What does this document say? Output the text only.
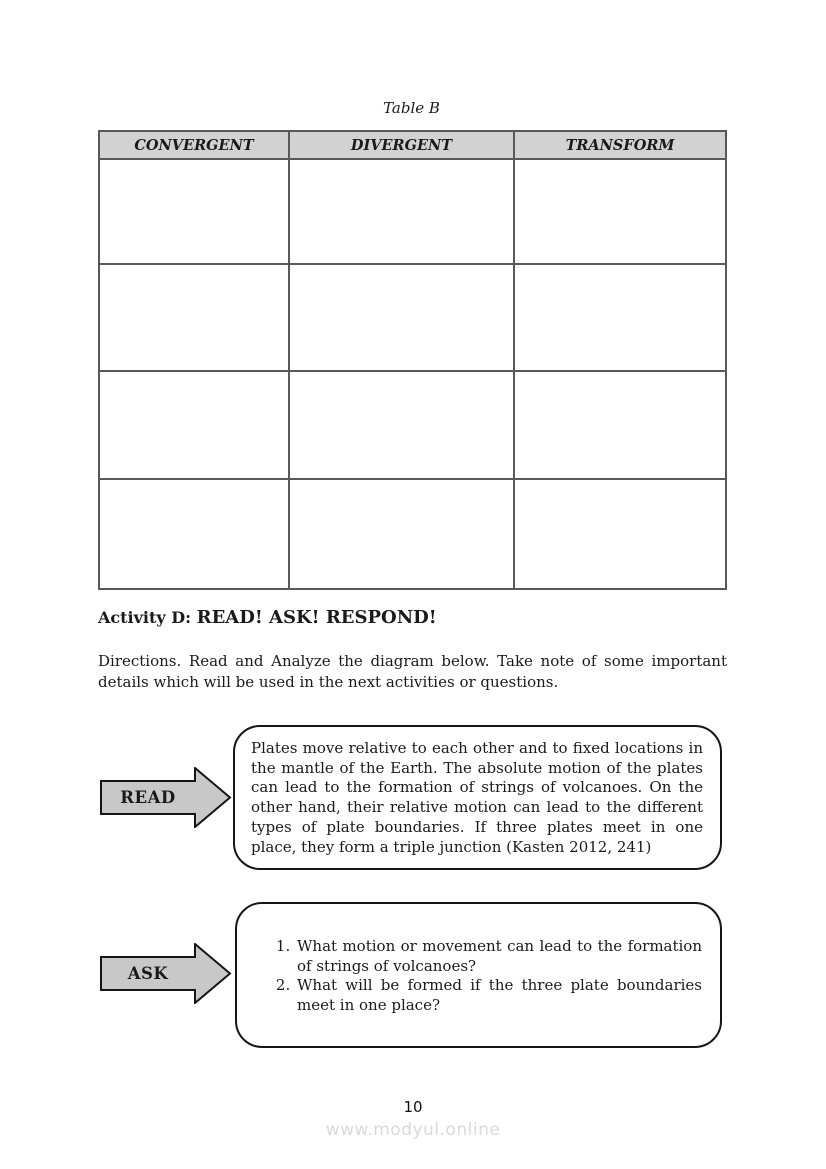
Table B
CONVERGENT	DIVERGENT	TRANSFORM

Activity D: READ! ASK! RESPOND!

Directions. Read and Analyze the diagram below. Take note of some important details which will be used in the next activities or questions.

READ

Plates move relative to each other and to fixed locations in the mantle of the Earth. The absolute motion of the plates can lead to the formation of strings of volcanoes. On the other hand, their relative motion can lead to the different types of plate boundaries. If three plates meet in one place, they form a triple junction (Kasten 2012, 241)

ASK
1. What motion or movement can lead to the formation of strings of volcanoes?
2. What will be formed if the three plate boundaries meet in one place?
10
www.modyul.online
